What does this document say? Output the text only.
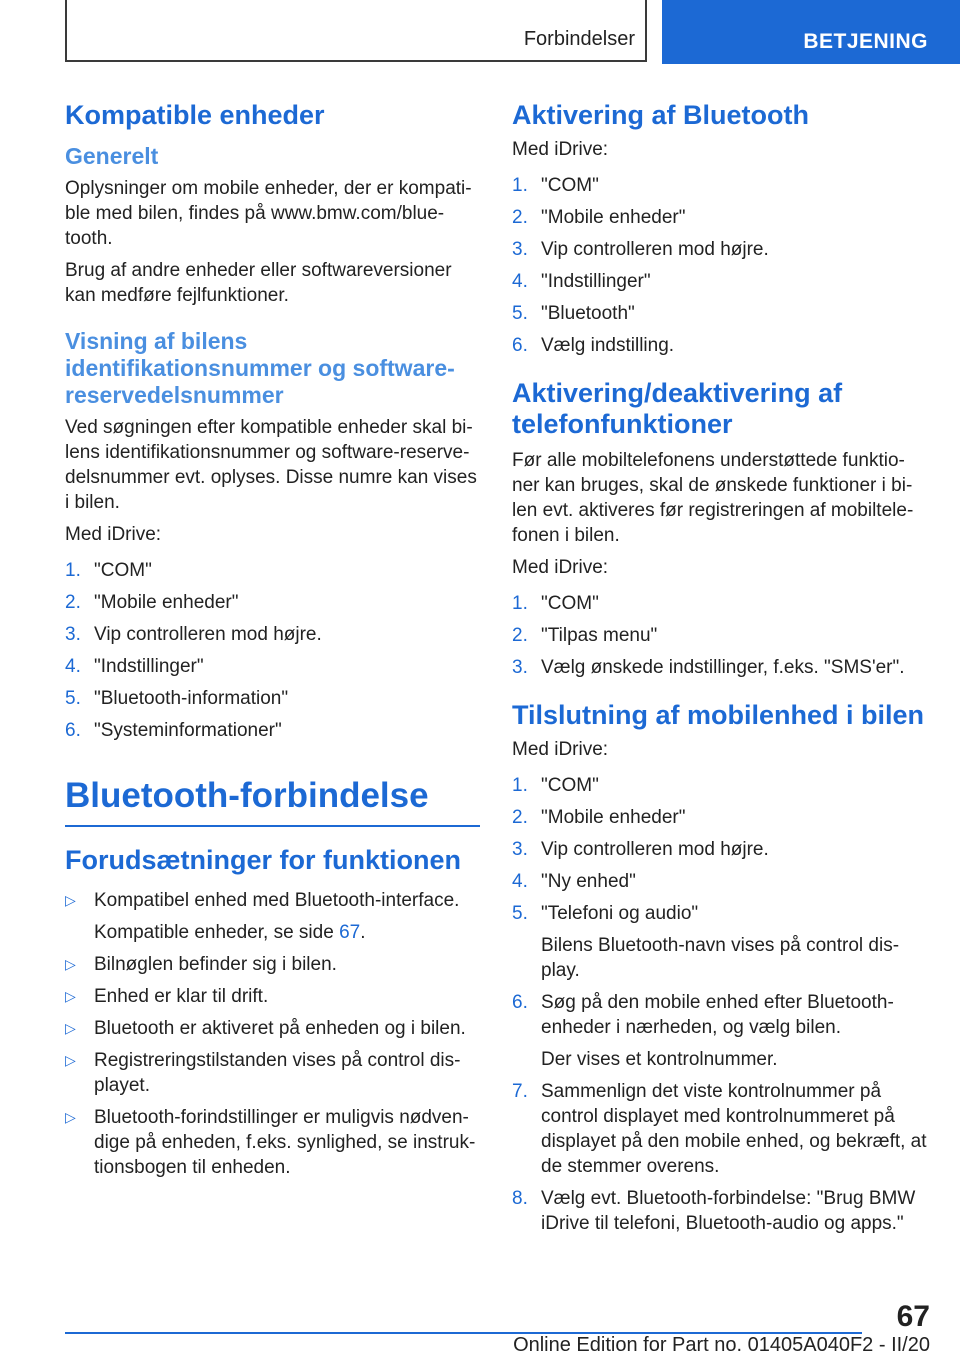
Forbindelser	BETJENING
Kompatible enheder
Generelt

Oplysninger om mobile enheder, der er kompati-ble med bilen, findes på www.bmw.com/blue-tooth.

Brug af andre enheder eller softwareversioner kan medføre fejlfunktioner.

Visning af bilens identifikationsnummer og software-reservedelsnummer

Ved søgningen efter kompatible enheder skal bi-lens identifikationsnummer og software-reserve-delsnummer evt. oplyses. Disse numre kan vises i bilen.

Med iDrive:

1. "COM"
2. "Mobile enheder"
3. Vip controlleren mod højre.
4. "Indstillinger"
5. "Bluetooth-information"
6. "Systeminformationer"
Bluetooth-forbindelse
Forudsætninger for funktionen
▷ Kompatibel enhed med Bluetooth-interface.

Kompatible enheder, se side 67.

▷ Bilnøglen befinder sig i bilen.
▷ Enhed er klar til drift.
▷ Bluetooth er aktiveret på enheden og i bilen.
▷ Registreringstilstanden vises på control dis-playet.
▷ Bluetooth-forindstillinger er muligvis nødven-dige på enheden, f.eks. synlighed, se instruk-tionsbogen til enheden.
Aktivering af Bluetooth

Med iDrive:

1. "COM"
2. "Mobile enheder"
3. Vip controlleren mod højre.
4. "Indstillinger"
5. "Bluetooth"
6. Vælg indstilling.
Aktivering/deaktivering af telefonfunktioner

Før alle mobiltelefonens understøttede funktio-ner kan bruges, skal de ønskede funktioner i bi-len evt. aktiveres før registreringen af mobiltele-fonen i bilen.

Med iDrive:

1. "COM"
2. "Tilpas menu"
3. Vælg ønskede indstillinger, f.eks. "SMS'er".
Tilslutning af mobilenhed i bilen

Med iDrive:

1. "COM"
2. "Mobile enheder"
3. Vip controlleren mod højre.
4. "Ny enhed"
5. "Telefoni og audio"

Bilens Bluetooth-navn vises på control dis-play.

6. Søg på den mobile enhed efter Bluetooth-enheder i nærheden, og vælg bilen.

Der vises et kontrolnummer.

7. Sammenlign det viste kontrolnummer på control displayet med kontrolnummeret på displayet på den mobile enhed, og bekræft, at de stemmer overens.
8. Vælg evt. Bluetooth-forbindelse: "Brug BMW iDrive til telefoni, Bluetooth-audio og apps."
67
Online Edition for Part no. 01405A040F2 - II/20
